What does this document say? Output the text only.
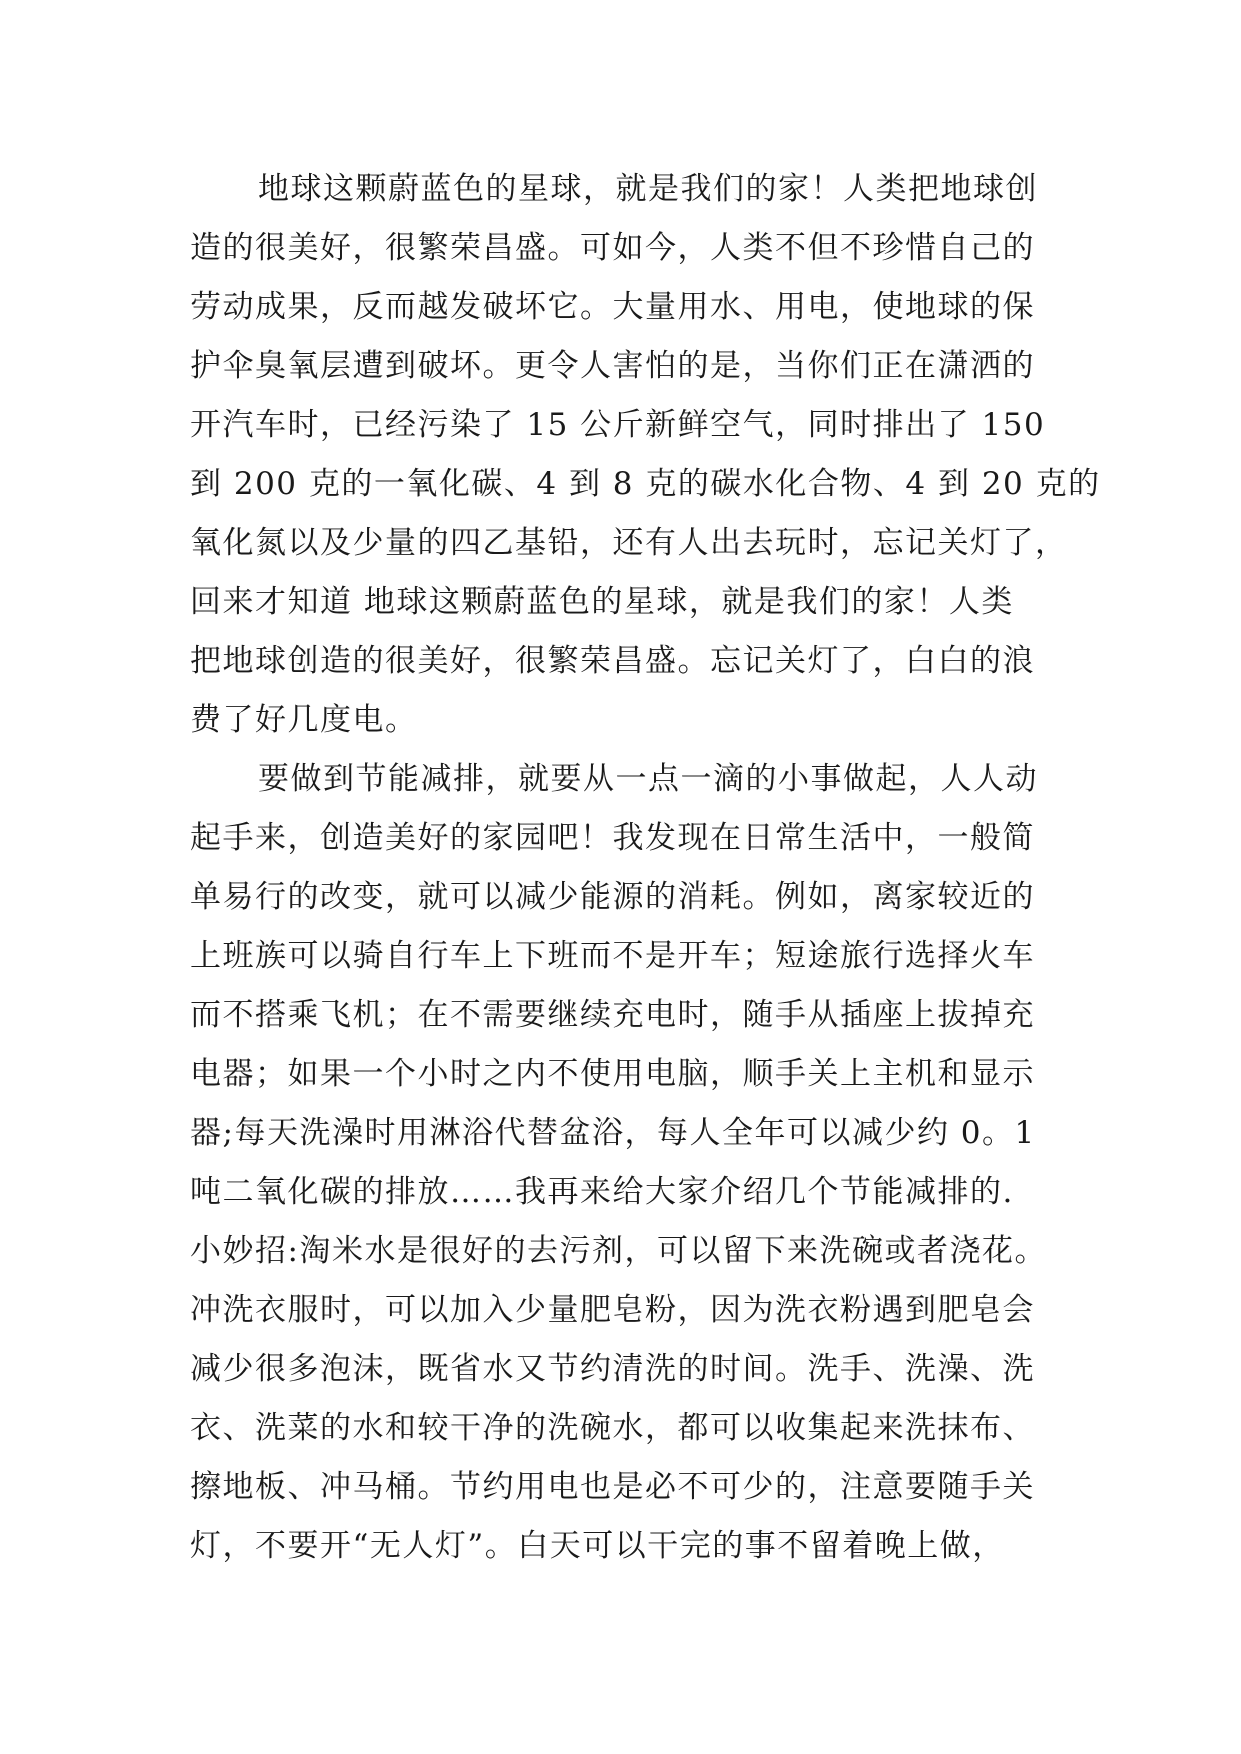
地球这颗蔚蓝色的星球，就是我们的家！人类把地球创
造的很美好，很繁荣昌盛。可如今，人类不但不珍惜自己的
劳动成果，反而越发破坏它。大量用水、用电，使地球的保
护伞臭氧层遭到破坏。更令人害怕的是，当你们正在潇洒的
开汽车时，已经污染了 15 公斤新鲜空气，同时排出了 150
到 200 克的一氧化碳、4 到 8 克的碳水化合物、4 到 20 克的
氧化氮以及少量的四乙基铅，还有人出去玩时，忘记关灯了，
回来才知道 地球这颗蔚蓝色的星球，就是我们的家！人类
把地球创造的很美好，很繁荣昌盛。忘记关灯了，白白的浪
费了好几度电。
要做到节能减排，就要从一点一滴的小事做起，人人动
起手来，创造美好的家园吧！我发现在日常生活中，一般简
单易行的改变，就可以减少能源的消耗。例如，离家较近的
上班族可以骑自行车上下班而不是开车；短途旅行选择火车
而不搭乘飞机；在不需要继续充电时，随手从插座上拔掉充
电器；如果一个小时之内不使用电脑，顺手关上主机和显示
器;每天洗澡时用淋浴代替盆浴，每人全年可以减少约 0。1
吨二氧化碳的排放……我再来给大家介绍几个节能减排的.
小妙招:淘米水是很好的去污剂，可以留下来洗碗或者浇花。
冲洗衣服时，可以加入少量肥皂粉，因为洗衣粉遇到肥皂会
减少很多泡沫，既省水又节约清洗的时间。洗手、洗澡、洗
衣、洗菜的水和较干净的洗碗水，都可以收集起来洗抹布、
擦地板、冲马桶。节约用电也是必不可少的，注意要随手关
灯，不要开“无人灯”。白天可以干完的事不留着晚上做，
